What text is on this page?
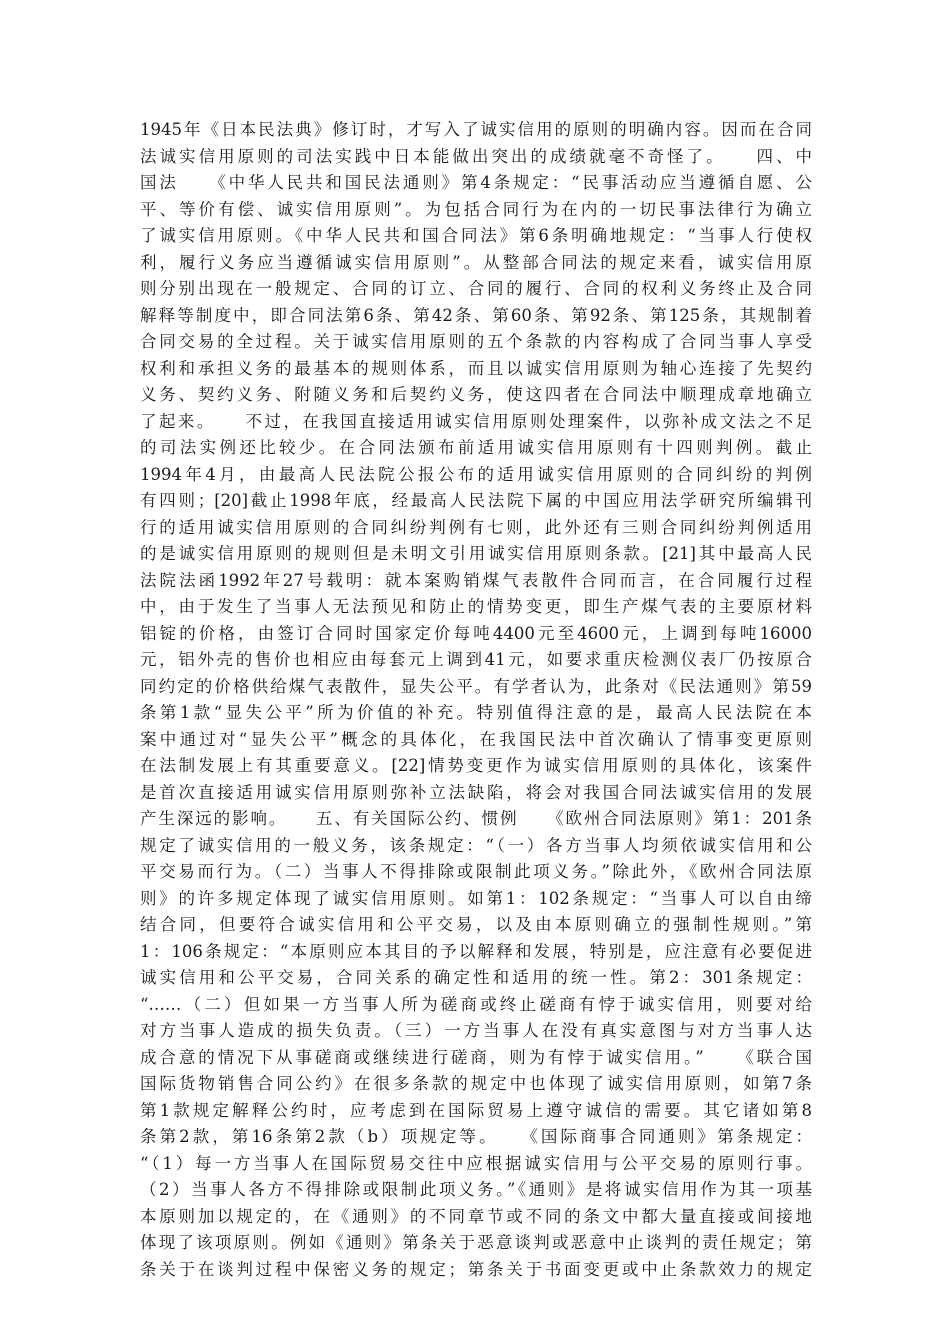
1945年《日本民法典》修订时，才写入了诚实信用的原则的明确内容。因而在合同
法诚实信用原则的司法实践中日本能做出突出的成绩就毫不奇怪了。　　四、中
国法　　《中华人民共和国民法通则》第4条规定：“民事活动应当遵循自愿、公
平、等价有偿、诚实信用原则”。为包括合同行为在内的一切民事法律行为确立
了诚实信用原则。《中华人民共和国合同法》第6条明确地规定：“当事人行使权
利，履行义务应当遵循诚实信用原则”。从整部合同法的规定来看，诚实信用原
则分别出现在一般规定、合同的订立、合同的履行、合同的权利义务终止及合同
解释等制度中，即合同法第6条、第42条、第60条、第92条、第125条，其规制着
合同交易的全过程。关于诚实信用原则的五个条款的内容构成了合同当事人享受
权利和承担义务的最基本的规则体系，而且以诚实信用原则为轴心连接了先契约
义务、契约义务、附随义务和后契约义务，使这四者在合同法中顺理成章地确立
了起来。　　不过，在我国直接适用诚实信用原则处理案件，以弥补成文法之不足
的司法实例还比较少。在合同法颁布前适用诚实信用原则有十四则判例。截止
1994年4月，由最高人民法院公报公布的适用诚实信用原则的合同纠纷的判例
有四则；[20]截止1998年底，经最高人民法院下属的中国应用法学研究所编辑刊
行的适用诚实信用原则的合同纠纷判例有七则，此外还有三则合同纠纷判例适用
的是诚实信用原则的规则但是未明文引用诚实信用原则条款。[21]其中最高人民
法院法函1992年27号载明：就本案购销煤气表散件合同而言，在合同履行过程
中，由于发生了当事人无法预见和防止的情势变更，即生产煤气表的主要原材料
铝锭的价格，由签订合同时国家定价每吨4400元至4600元，上调到每吨16000
元，铝外壳的售价也相应由每套元上调到41元，如要求重庆检测仪表厂仍按原合
同约定的价格供给煤气表散件，显失公平。有学者认为，此条对《民法通则》第59
条第1款“显失公平”所为价值的补充。特别值得注意的是，最高人民法院在本
案中通过对“显失公平”概念的具体化，在我国民法中首次确认了情事变更原则
在法制发展上有其重要意义。[22]情势变更作为诚实信用原则的具体化，该案件
是首次直接适用诚实信用原则弥补立法缺陷，将会对我国合同法诚实信用的发展
产生深远的影响。　　五、有关国际公约、惯例　　《欧州合同法原则》第1：201条
规定了诚实信用的一般义务，该条规定：“（一）各方当事人均须依诚实信用和公
平交易而行为。（二）当事人不得排除或限制此项义务。”除此外，《欧州合同法原
则》的许多规定体现了诚实信用原则。如第1：102条规定：“当事人可以自由缔
结合同，但要符合诚实信用和公平交易，以及由本原则确立的强制性规则。”第
1：106条规定：“本原则应本其目的予以解释和发展，特别是，应注意有必要促进
诚实信用和公平交易，合同关系的确定性和适用的统一性。第2：301条规定：
“……（二）但如果一方当事人所为磋商或终止磋商有悖于诚实信用，则要对给
对方当事人造成的损失负责。（三）一方当事人在没有真实意图与对方当事人达
成合意的情况下从事磋商或继续进行磋商，则为有悖于诚实信用。”　　《联合国
国际货物销售合同公约》在很多条款的规定中也体现了诚实信用原则，如第7条
第1款规定解释公约时，应考虑到在国际贸易上遵守诚信的需要。其它诸如第8
条第2款，第16条第2款（b）项规定等。　　《国际商事合同通则》第条规定：
“（1）每一方当事人在国际贸易交往中应根据诚实信用与公平交易的原则行事。
（2）当事人各方不得排除或限制此项义务。”《通则》是将诚实信用作为其一项基
本原则加以规定的，在《通则》的不同章节或不同的条文中都大量直接或间接地
体现了该项原则。例如《通则》第条关于恶意谈判或恶意中止谈判的责任规定；第
条关于在谈判过程中保密义务的规定；第条关于书面变更或中止条款效力的规定
